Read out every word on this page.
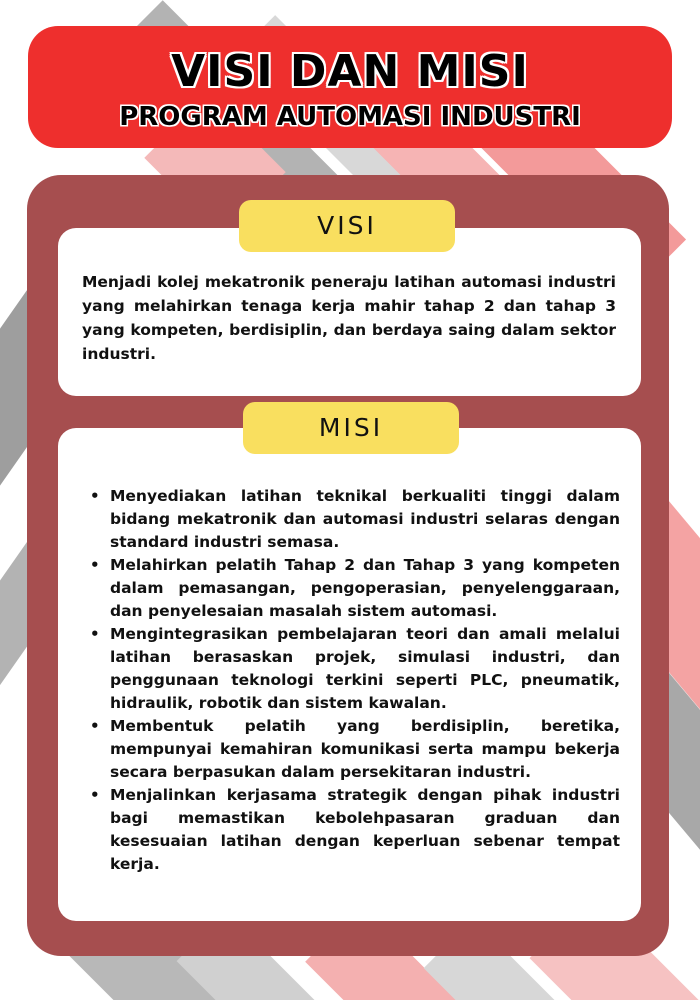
VISI DAN MISI
PROGRAM AUTOMASI INDUSTRI
VISI
Menjadi kolej mekatronik peneraju latihan automasi industri yang melahirkan tenaga kerja mahir tahap 2 dan tahap 3 yang kompeten, berdisiplin, dan berdaya saing dalam sektor industri.
MISI
• Menyediakan latihan teknikal berkualiti tinggi dalam bidang mekatronik dan automasi industri selaras dengan standard industri semasa.
• Melahirkan pelatih Tahap 2 dan Tahap 3 yang kompeten dalam pemasangan, pengoperasian, penyelenggaraan, dan penyelesaian masalah sistem automasi.
• Mengintegrasikan pembelajaran teori dan amali melalui latihan berasaskan projek, simulasi industri, dan penggunaan teknologi terkini seperti PLC, pneumatik, hidraulik, robotik dan sistem kawalan.
• Membentuk pelatih yang berdisiplin, beretika, mempunyai kemahiran komunikasi serta mampu bekerja secara berpasukan dalam persekitaran industri.
• Menjalinkan kerjasama strategik dengan pihak industri bagi memastikan kebolehpasaran graduan dan kesesuaian latihan dengan keperluan sebenar tempat kerja.
